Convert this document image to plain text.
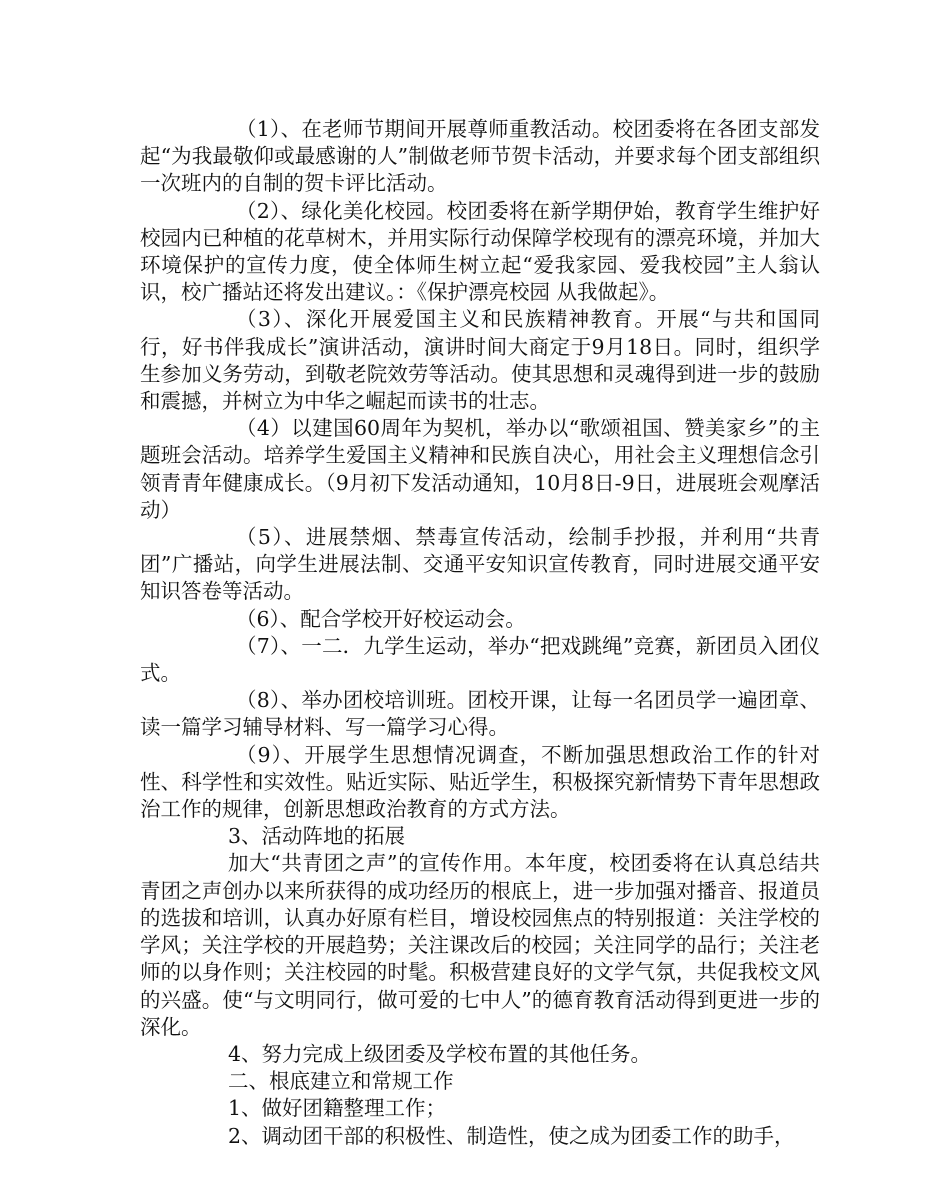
（1）、在老师节期间开展尊师重教活动。校团委将在各团支部发起“为我最敬仰或最感谢的人”制做老师节贺卡活动，并要求每个团支部组织一次班内的自制的贺卡评比活动。

（2）、绿化美化校园。校团委将在新学期伊始，教育学生维护好校园内已种植的花草树木，并用实际行动保障学校现有的漂亮环境，并加大环境保护的宣传力度，使全体师生树立起“爱我家园、爱我校园”主人翁认识，校广播站还将发出建议。：《保护漂亮校园 从我做起》。

（3）、深化开展爱国主义和民族精神教育。开展“与共和国同行，好书伴我成长”演讲活动，演讲时间大商定于9月18日。同时，组织学生参加义务劳动，到敬老院效劳等活动。使其思想和灵魂得到进一步的鼓励和震撼，并树立为中华之崛起而读书的壮志。

（4）以建国60周年为契机，举办以“歌颂祖国、赞美家乡”的主题班会活动。培养学生爱国主义精神和民族自决心，用社会主义理想信念引领青青年健康成长。（9月初下发活动通知，10月8日-9日，进展班会观摩活动）

（5）、进展禁烟、禁毒宣传活动，绘制手抄报，并利用“共青团”广播站，向学生进展法制、交通平安知识宣传教育，同时进展交通平安知识答卷等活动。

（6）、配合学校开好校运动会。

（7）、一二．九学生运动，举办“把戏跳绳”竞赛，新团员入团仪式。

（8）、举办团校培训班。团校开课，让每一名团员学一遍团章、读一篇学习辅导材料、写一篇学习心得。

（9）、开展学生思想情况调查，不断加强思想政治工作的针对性、科学性和实效性。贴近实际、贴近学生，积极探究新情势下青年思想政治工作的规律，创新思想政治教育的方式方法。

3、活动阵地的拓展

加大“共青团之声”的宣传作用。本年度，校团委将在认真总结共青团之声创办以来所获得的成功经历的根底上，进一步加强对播音、报道员的选拔和培训，认真办好原有栏目，增设校园焦点的特别报道：关注学校的学风；关注学校的开展趋势；关注课改后的校园；关注同学的品行；关注老师的以身作则；关注校园的时髦。积极营建良好的文学气氛，共促我校文风的兴盛。使“与文明同行，做可爱的七中人”的德育教育活动得到更进一步的深化。

4、努力完成上级团委及学校布置的其他任务。

二、根底建立和常规工作

1、做好团籍整理工作；

2、调动团干部的积极性、制造性，使之成为团委工作的助手，
